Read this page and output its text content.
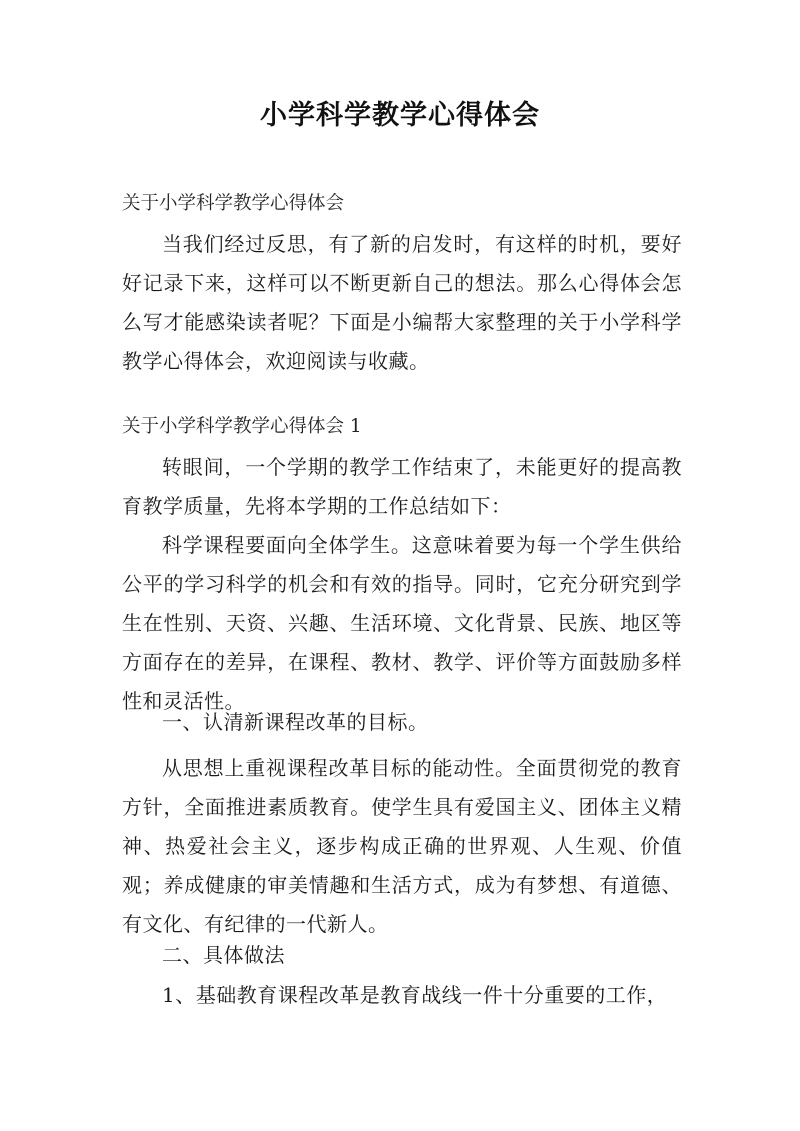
小学科学教学心得体会
关于小学科学教学心得体会
当我们经过反思，有了新的启发时，有这样的时机，要好好记录下来，这样可以不断更新自己的想法。那么心得体会怎么写才能感染读者呢？下面是小编帮大家整理的关于小学科学教学心得体会，欢迎阅读与收藏。
关于小学科学教学心得体会 1
转眼间，一个学期的教学工作结束了，未能更好的提高教育教学质量，先将本学期的工作总结如下：
科学课程要面向全体学生。这意味着要为每一个学生供给公平的学习科学的机会和有效的指导。同时，它充分研究到学生在性别、天资、兴趣、生活环境、文化背景、民族、地区等方面存在的差异，在课程、教材、教学、评价等方面鼓励多样性和灵活性。
一、认清新课程改革的目标。
从思想上重视课程改革目标的能动性。全面贯彻党的教育方针，全面推进素质教育。使学生具有爱国主义、团体主义精神、热爱社会主义，逐步构成正确的世界观、人生观、价值观；养成健康的审美情趣和生活方式，成为有梦想、有道德、有文化、有纪律的一代新人。
二、具体做法
1、基础教育课程改革是教育战线一件十分重要的工作，
